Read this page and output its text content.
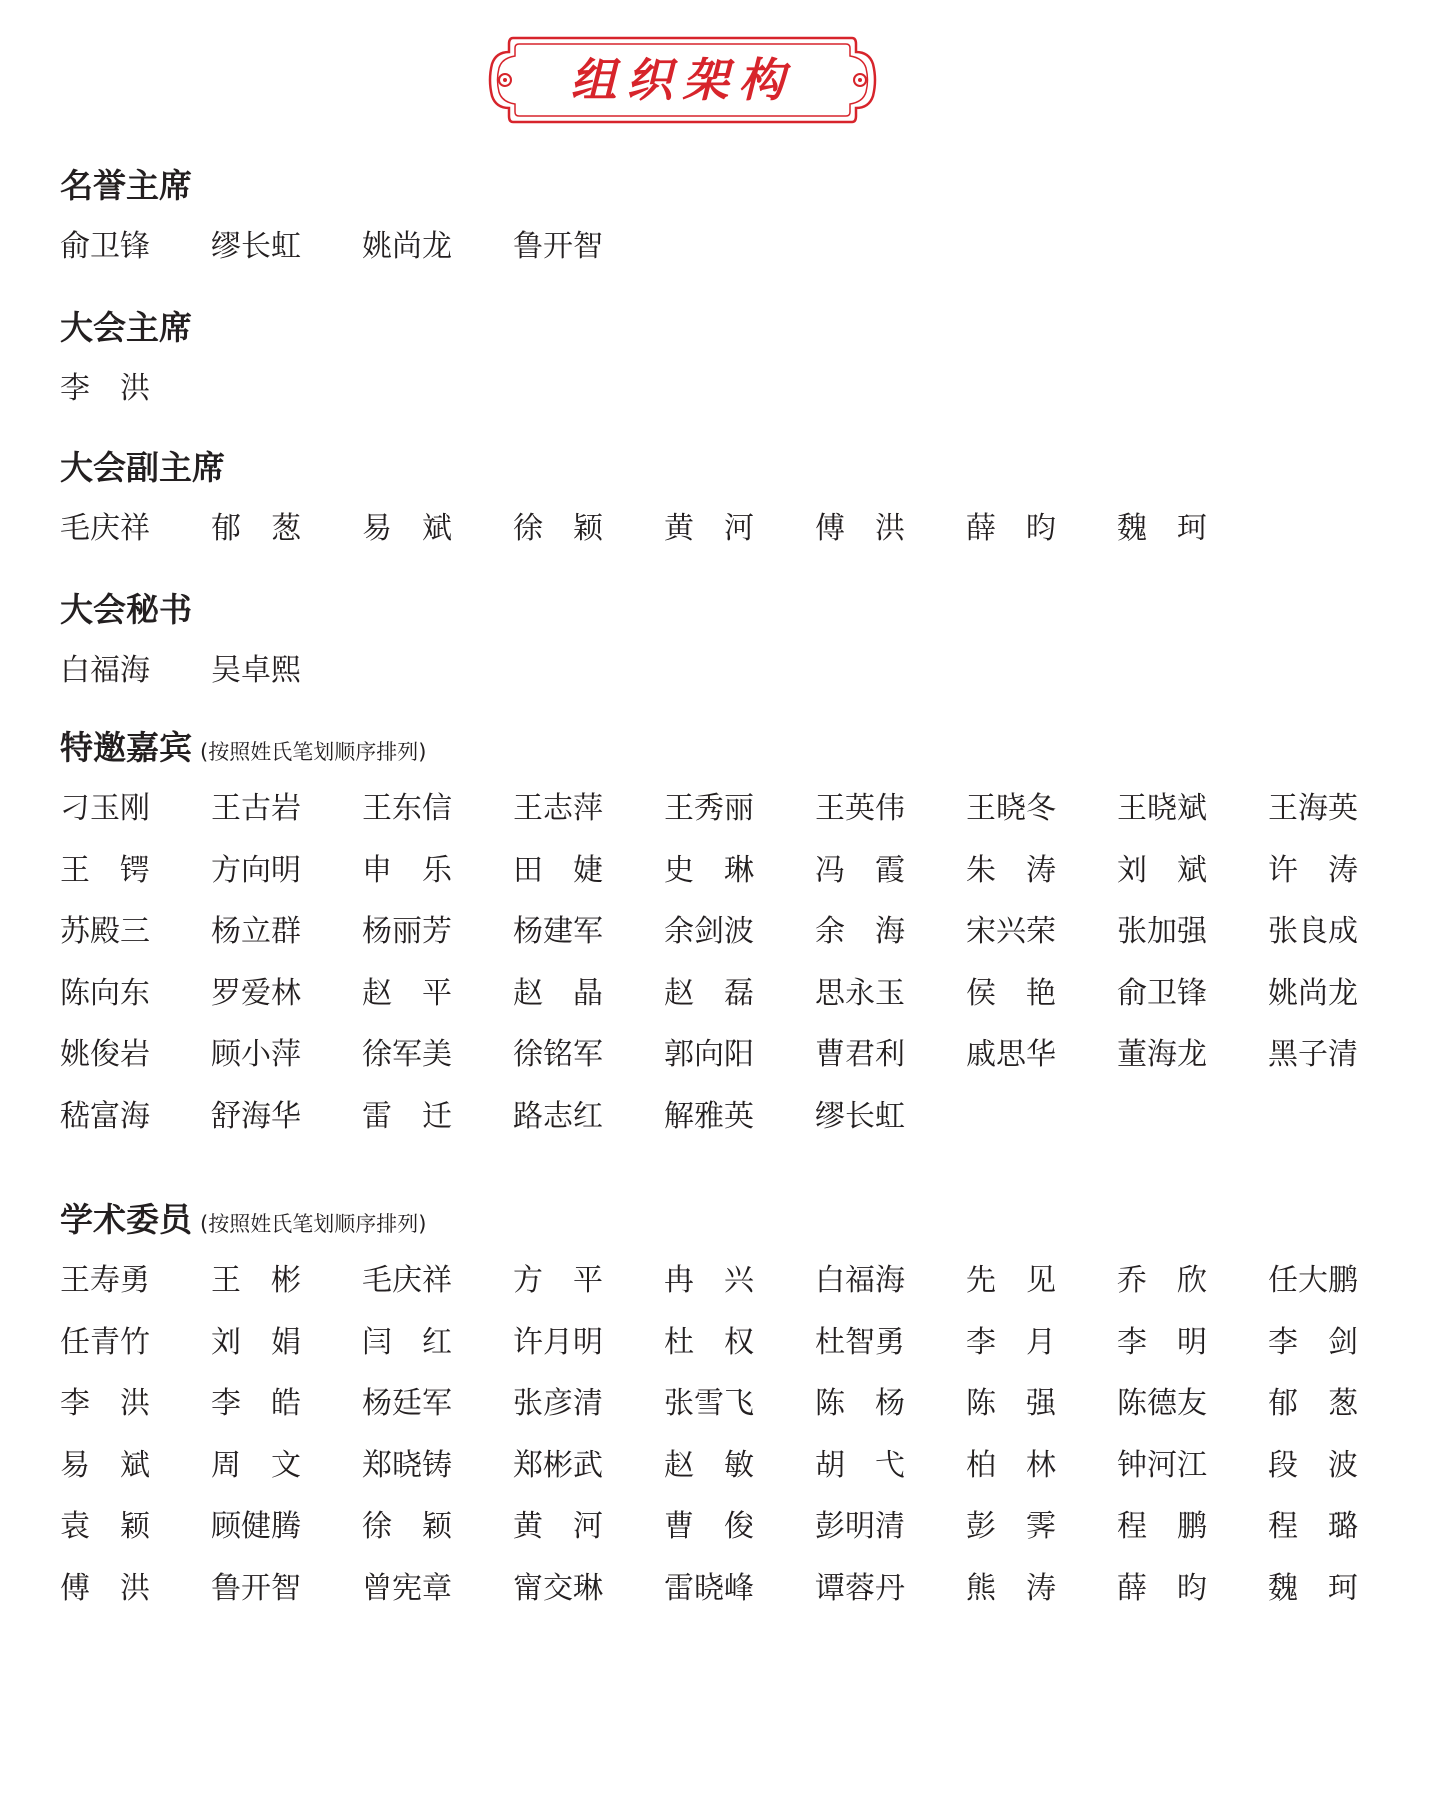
组织架构
名誉主席
俞卫锋	缪长虹	姚尚龙	鲁开智
大会主席
李　洪
大会副主席
毛庆祥	郁　葱	易　斌	徐　颖	黄　河	傅　洪	薛　昀	魏　珂
大会秘书
白福海	吴卓熙
特邀嘉宾 (按照姓氏笔划顺序排列)
刁玉刚	王古岩	王东信	王志萍	王秀丽	王英伟	王晓冬	王晓斌	王海英
王　锷	方向明	申　乐	田　婕	史　琳	冯　霞	朱　涛	刘　斌	许　涛
苏殿三	杨立群	杨丽芳	杨建军	余剑波	余　海	宋兴荣	张加强	张良成
陈向东	罗爱林	赵　平	赵　晶	赵　磊	思永玉	侯　艳	俞卫锋	姚尚龙
姚俊岩	顾小萍	徐军美	徐铭军	郭向阳	曹君利	戚思华	董海龙	黑子清
嵇富海	舒海华	雷　迁	路志红	解雅英	缪长虹
学术委员 (按照姓氏笔划顺序排列)
王寿勇	王　彬	毛庆祥	方　平	冉　兴	白福海	先　见	乔　欣	任大鹏
任青竹	刘　娟	闫　红	许月明	杜　权	杜智勇	李　月	李　明	李　剑
李　洪	李　皓	杨廷军	张彦清	张雪飞	陈　杨	陈　强	陈德友	郁　葱
易　斌	周　文	郑晓铸	郑彬武	赵　敏	胡　弋	柏　林	钟河江	段　波
袁　颖	顾健腾	徐　颖	黄　河	曹　俊	彭明清	彭　霁	程　鹏	程　璐
傅　洪	鲁开智	曾宪章	甯交琳	雷晓峰	谭蓉丹	熊　涛	薛　昀	魏　珂
